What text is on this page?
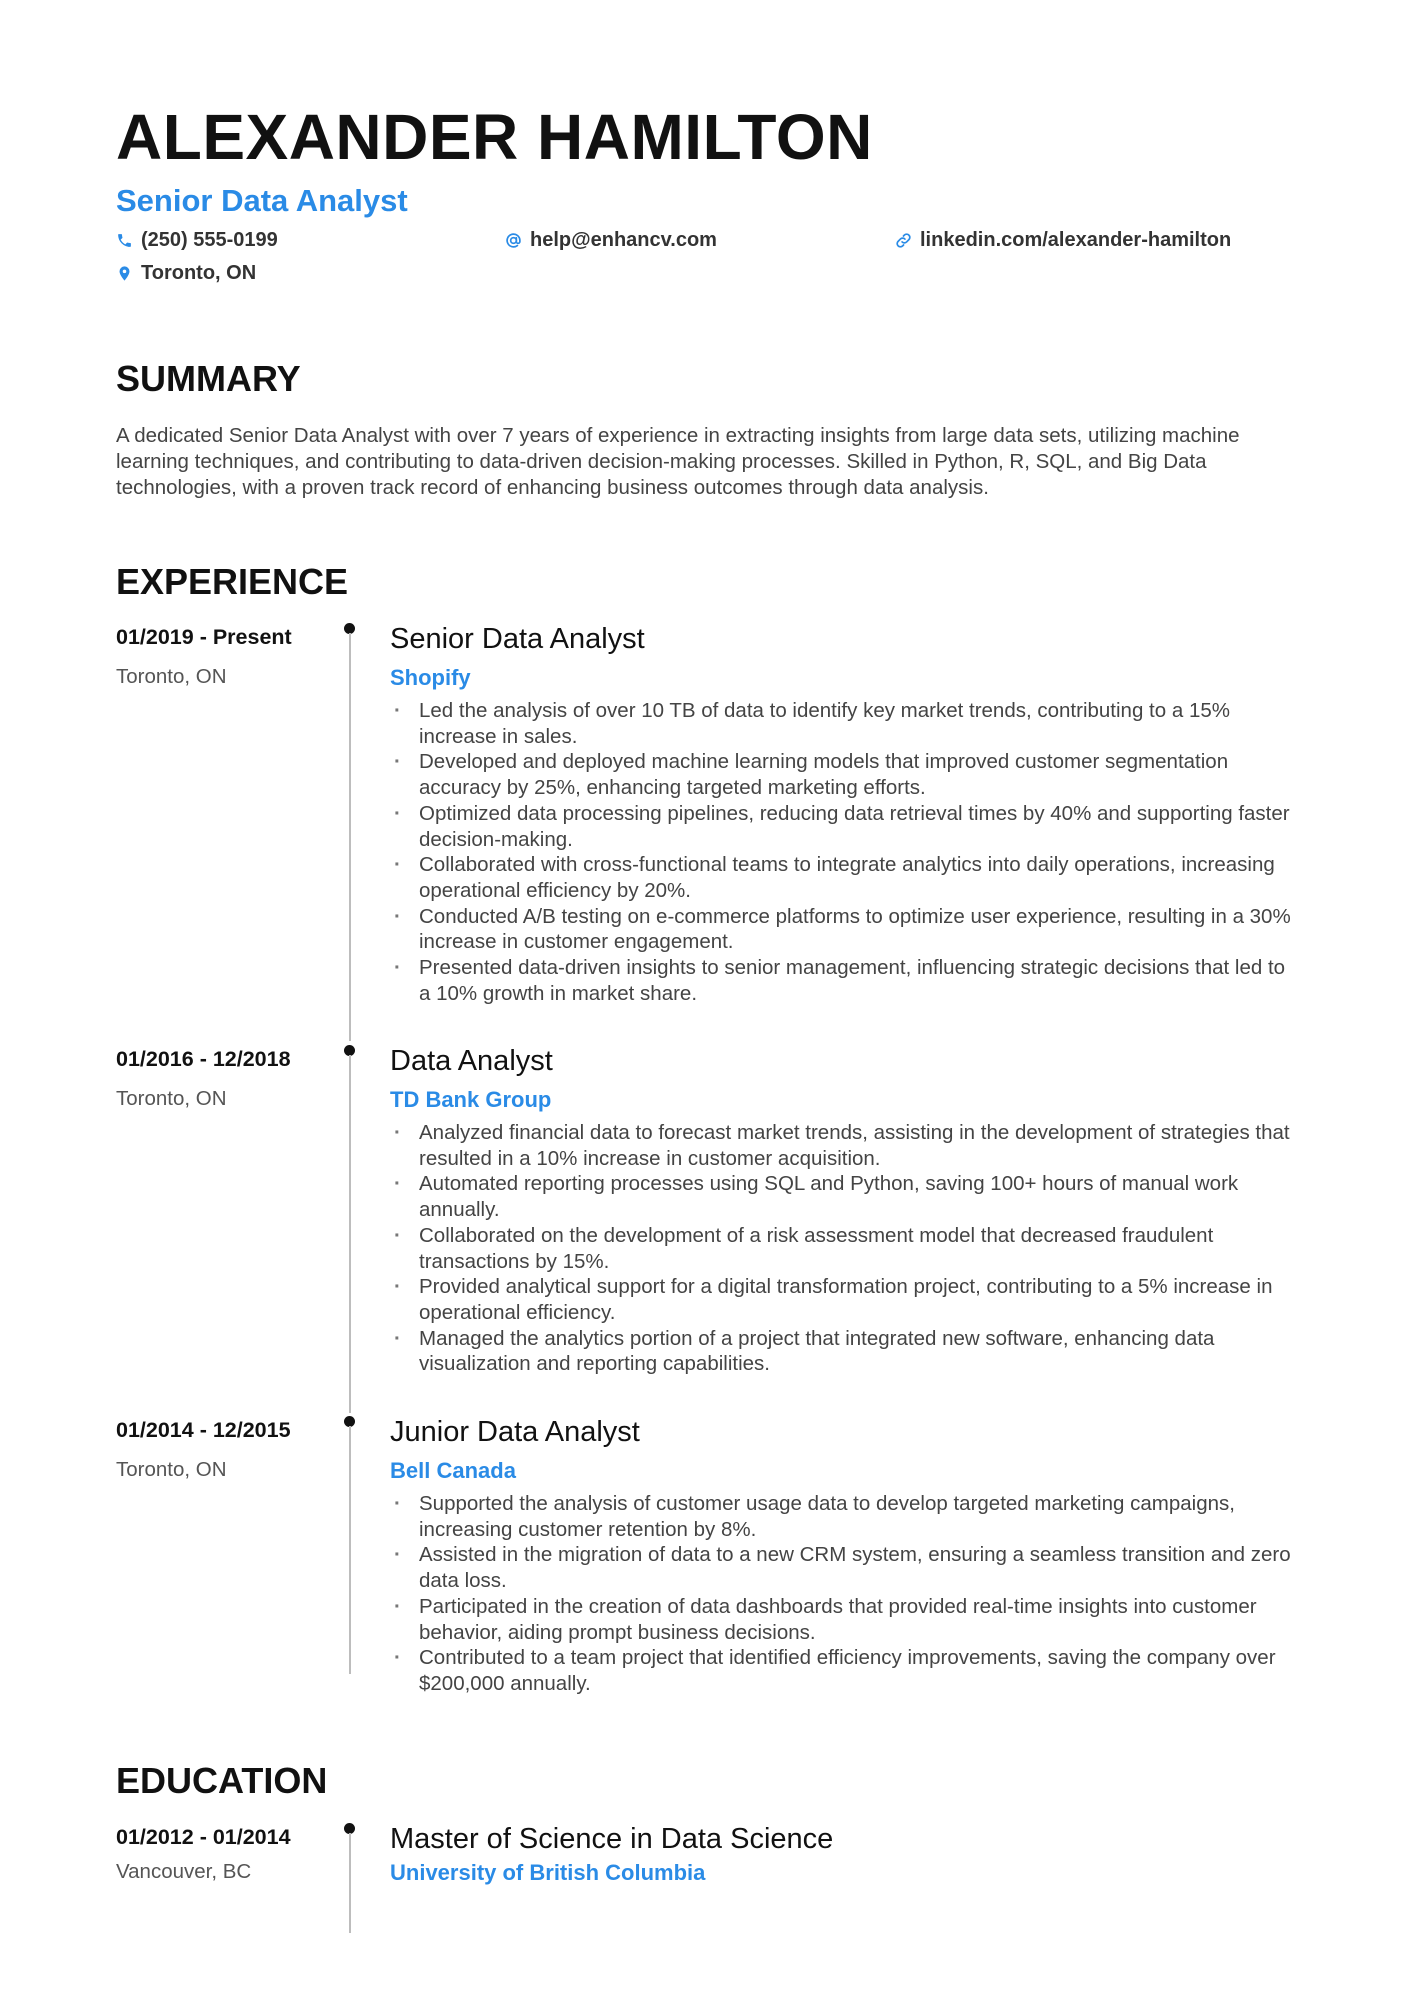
ALEXANDER HAMILTON
Senior Data Analyst
(250) 555-0199	help@enhancv.com	linkedin.com/alexander-hamilton
Toronto, ON
SUMMARY

A dedicated Senior Data Analyst with over 7 years of experience in extracting insights from large data sets, utilizing machine learning techniques, and contributing to data-driven decision-making processes. Skilled in Python, R, SQL, and Big Data technologies, with a proven track record of enhancing business outcomes through data analysis.

EXPERIENCE
01/2019 - Present
Toronto, ON
Senior Data Analyst
Shopify
· Led the analysis of over 10 TB of data to identify key market trends, contributing to a 15% increase in sales.
· Developed and deployed machine learning models that improved customer segmentation accuracy by 25%, enhancing targeted marketing efforts.
· Optimized data processing pipelines, reducing data retrieval times by 40% and supporting faster decision-making.
· Collaborated with cross-functional teams to integrate analytics into daily operations, increasing operational efficiency by 20%.
· Conducted A/B testing on e-commerce platforms to optimize user experience, resulting in a 30% increase in customer engagement.
· Presented data-driven insights to senior management, influencing strategic decisions that led to a 10% growth in market share.
01/2016 - 12/2018
Toronto, ON
Data Analyst
TD Bank Group
· Analyzed financial data to forecast market trends, assisting in the development of strategies that resulted in a 10% increase in customer acquisition.
· Automated reporting processes using SQL and Python, saving 100+ hours of manual work annually.
· Collaborated on the development of a risk assessment model that decreased fraudulent transactions by 15%.
· Provided analytical support for a digital transformation project, contributing to a 5% increase in operational efficiency.
· Managed the analytics portion of a project that integrated new software, enhancing data visualization and reporting capabilities.
01/2014 - 12/2015
Toronto, ON
Junior Data Analyst
Bell Canada
· Supported the analysis of customer usage data to develop targeted marketing campaigns, increasing customer retention by 8%.
· Assisted in the migration of data to a new CRM system, ensuring a seamless transition and zero data loss.
· Participated in the creation of data dashboards that provided real-time insights into customer behavior, aiding prompt business decisions.
· Contributed to a team project that identified efficiency improvements, saving the company over $200,000 annually.
EDUCATION
01/2012 - 01/2014
Vancouver, BC
Master of Science in Data Science
University of British Columbia
